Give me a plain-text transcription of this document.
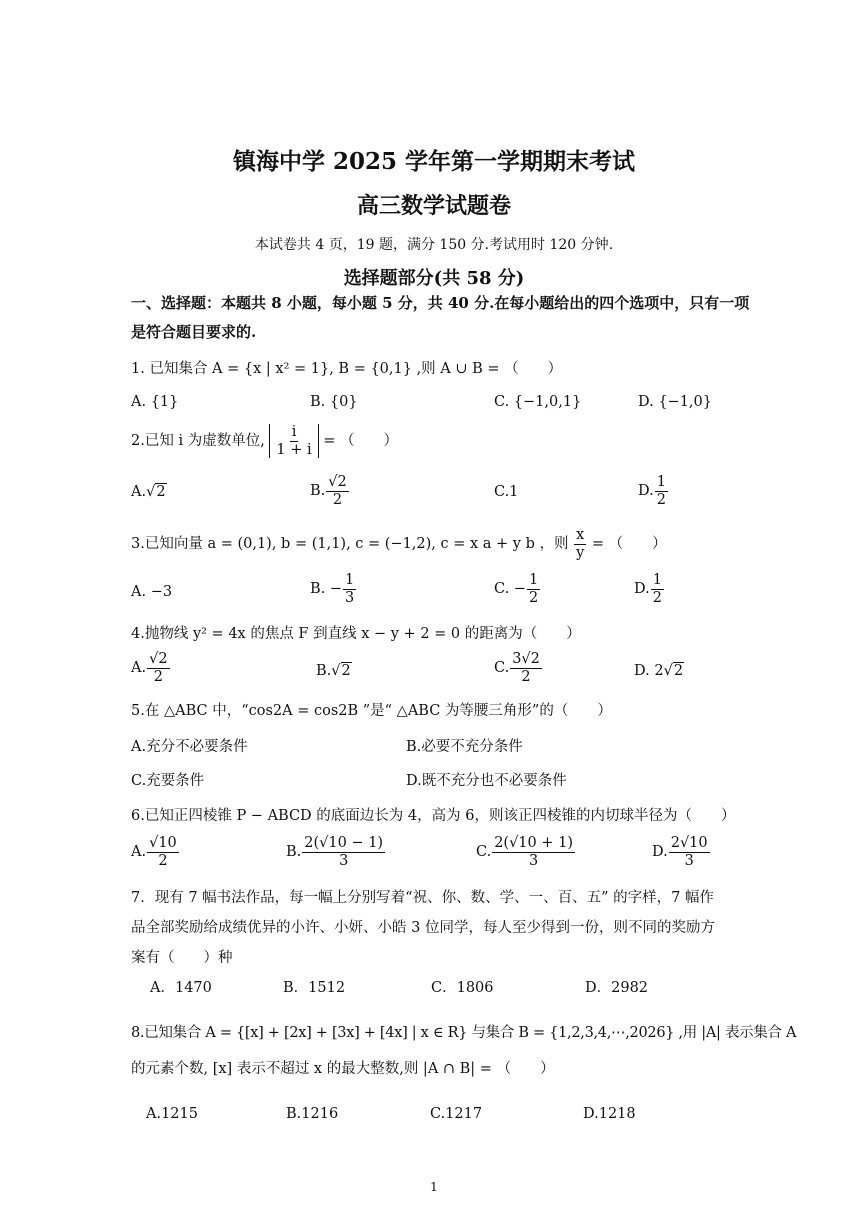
镇海中学 2025 学年第一学期期末考试
高三数学试题卷
本试卷共 4 页，19 题，满分 150 分.考试用时 120 分钟.
选择题部分(共 58 分)
一、选择题：本题共 8 小题，每小题 5 分，共 40 分.在每小题给出的四个选项中，只有一项
是符合题目要求的.
1. 已知集合 A = {x | x² = 1}, B = {0,1} ,则 A ∪ B = （　　）
A. {1}	B. {0}	C. {−1,0,1}	D. {−1,0}
2.已知 i 为虚数单位, $\frac{i}{1 + i}$ = （　　）
A.√2	B. $\frac{√2}{2}$	C.1	D. $\frac{1}{2}$
3.已知向量 a = (0,1), b = (1,1), c = (−1,2), c = x a + y b ，则 $\frac{x}{y}$ = （　　）
A. −3	B. − $\frac{1}{3}$	C. − $\frac{1}{2}$	D. $\frac{1}{2}$
4.抛物线 y² = 4x 的焦点 F 到直线 x − y + 2 = 0 的距离为（　　）
A. $\frac{√2}{2}$	B.√2	C. $\frac{3√2}{2}$	D. 2√2
5.在 △ABC 中，“cos2A = cos2B ”是“ △ABC 为等腰三角形”的（　　）
A.充分不必要条件	B.必要不充分条件
C.充要条件	D.既不充分也不必要条件
6.已知正四棱锥 P − ABCD 的底面边长为 4，高为 6，则该正四棱锥的内切球半径为（　　）
A. $\frac{√10}{2}$	B. $\frac{2(√10 - 1)}{3}$	C. $\frac{2(√10 + 1)}{3}$	D. $\frac{2√10}{3}$
7．现有 7 幅书法作品，每一幅上分别写着“祝、你、数、学、一、百、五” 的字样，7 幅作
品全部奖励给成绩优异的小许、小妍、小皓 3 位同学，每人至少得到一份，则不同的奖励方
案有（　　）种
A．1470	B．1512	C．1806	D．2982
8.已知集合 A = {[x] + [2x] + [3x] + [4x] | x ∈ R} 与集合 B = {1,2,3,4,⋯,2026} ,用 |A| 表示集合 A
的元素个数, [x] 表示不超过 x 的最大整数,则 |A ∩ B| = （　　）
A.1215	B.1216	C.1217	D.1218
1
